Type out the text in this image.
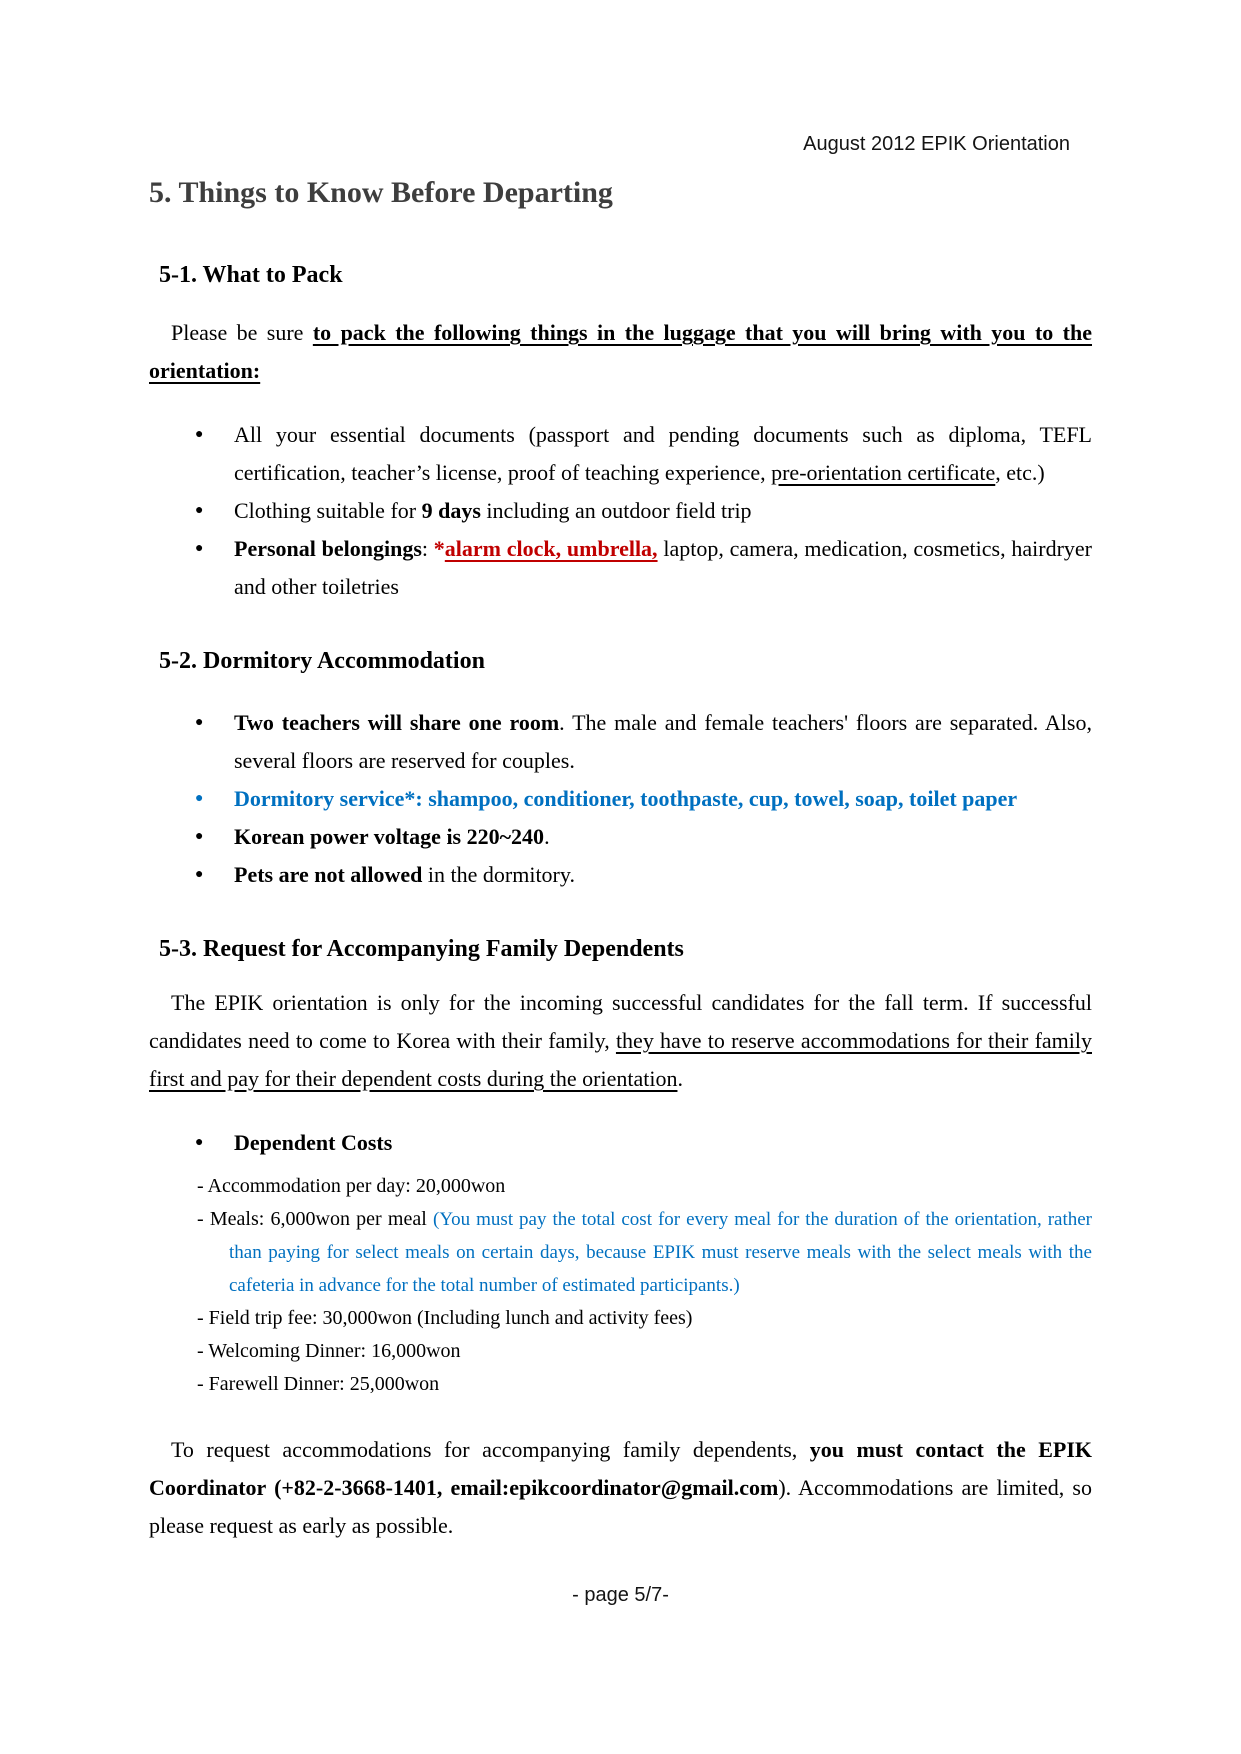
August 2012 EPIK Orientation
5. Things to Know Before Departing
5-1. What to Pack
Please be sure to pack the following things in the luggage that you will bring with you to the orientation:
● All your essential documents (passport and pending documents such as diploma, TEFL certification, teacher’s license, proof of teaching experience, pre-orientation certificate, etc.)
● Clothing suitable for 9 days including an outdoor field trip
● Personal belongings: *alarm clock, umbrella, laptop, camera, medication, cosmetics, hairdryer and other toiletries
5-2. Dormitory Accommodation
● Two teachers will share one room. The male and female teachers' floors are separated. Also, several floors are reserved for couples.
● Dormitory service*: shampoo, conditioner, toothpaste, cup, towel, soap, toilet paper
● Korean power voltage is 220~240.
● Pets are not allowed in the dormitory.
5-3. Request for Accompanying Family Dependents
The EPIK orientation is only for the incoming successful candidates for the fall term. If successful candidates need to come to Korea with their family, they have to reserve accommodations for their family first and pay for their dependent costs during the orientation.
● Dependent Costs
- Accommodation per day: 20,000won
- Meals: 6,000won per meal (You must pay the total cost for every meal for the duration of the orientation, rather than paying for select meals on certain days, because EPIK must reserve meals with the select meals with the cafeteria in advance for the total number of estimated participants.)
- Field trip fee: 30,000won (Including lunch and activity fees)
- Welcoming Dinner: 16,000won
- Farewell Dinner: 25,000won
To request accommodations for accompanying family dependents, you must contact the EPIK Coordinator (+82-2-3668-1401, email:epikcoordinator@gmail.com). Accommodations are limited, so please request as early as possible.
- page 5/7-
